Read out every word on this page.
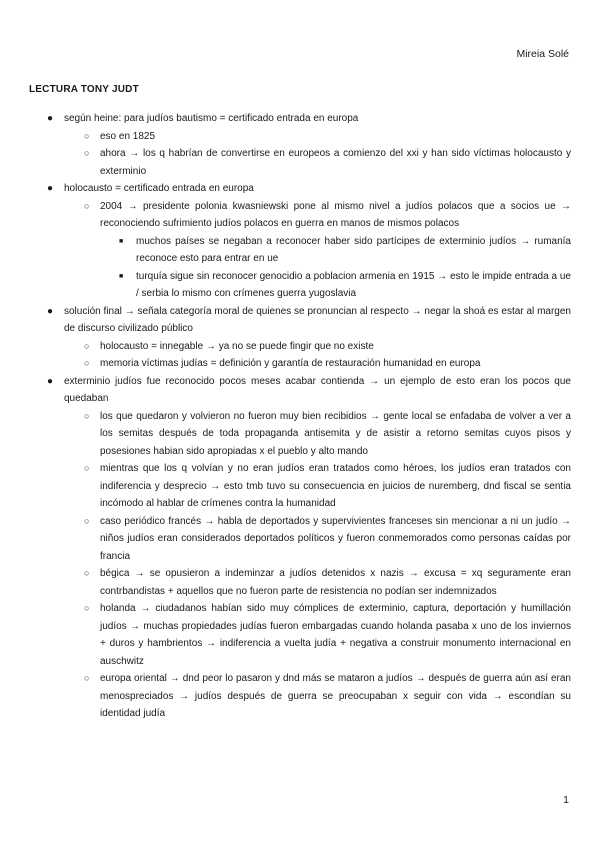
Mireia Solé
LECTURA TONY JUDT
● según heine: para judíos bautismo = certificado entrada en europa
○ eso en 1825
○ ahora → los q habrían de convertirse en europeos a comienzo del xxi y han sido víctimas holocausto y exterminio
● holocausto = certificado entrada en europa
○ 2004 → presidente polonia kwasniewski pone al mismo nivel a judíos polacos que a socios ue → reconociendo sufrimiento judíos polacos en guerra en manos de mismos polacos
■ muchos países se negaban a reconocer haber sido partícipes de exterminio judíos → rumanía reconoce esto para entrar en ue
■ turquía sigue sin reconocer genocidio a poblacion armenia en 1915 → esto le impide entrada a ue / serbia lo mismo con crímenes guerra yugoslavia
● solución final → señala categoría moral de quienes se pronuncian al respecto → negar la shoá es estar al margen de discurso civilizado público
○ holocausto = innegable → ya no se puede fingir que no existe
○ memoria víctimas judías = definición y garantía de restauración humanidad en europa
● exterminio judíos fue reconocido pocos meses acabar contienda → un ejemplo de esto eran los pocos que quedaban
○ los que quedaron y volvieron no fueron muy bien recibidios → gente local se enfadaba de volver a ver a los semitas después de toda propaganda antisemita y de asistir a retorno semitas cuyos pisos y posesiones habian sido apropiadas x el pueblo y alto mando
○ mientras que los q volvían y no eran judíos eran tratados como héroes, los judíos eran tratados con indiferencia y desprecio → esto tmb tuvo su consecuencia en juicios de nuremberg, dnd fiscal se sentia incómodo al hablar de crímenes contra la humanidad
○ caso periódico francés → habla de deportados y supervivientes franceses sin mencionar a ni un judío → niños judíos eran considerados deportados políticos y fueron conmemorados como personas caídas por francia
○ bégica → se opusieron a indeminzar a judíos detenidos x nazis → excusa = xq seguramente eran contrbandistas + aquellos que no fueron parte de resistencia no podían ser indemnizados
○ holanda → ciudadanos habían sido muy cómplices de exterminio, captura, deportación y humillación judíos → muchas propiedades judías fueron embargadas cuando holanda pasaba x uno de los inviernos + duros y hambrientos → indiferencia a vuelta judía + negativa a construir monumento internacional en auschwitz
○ europa oriental → dnd peor lo pasaron y dnd más se mataron a judíos → después de guerra aún así eran menospreciados → judíos después de guerra se preocupaban x seguir con vida → escondían su identidad judía
1
